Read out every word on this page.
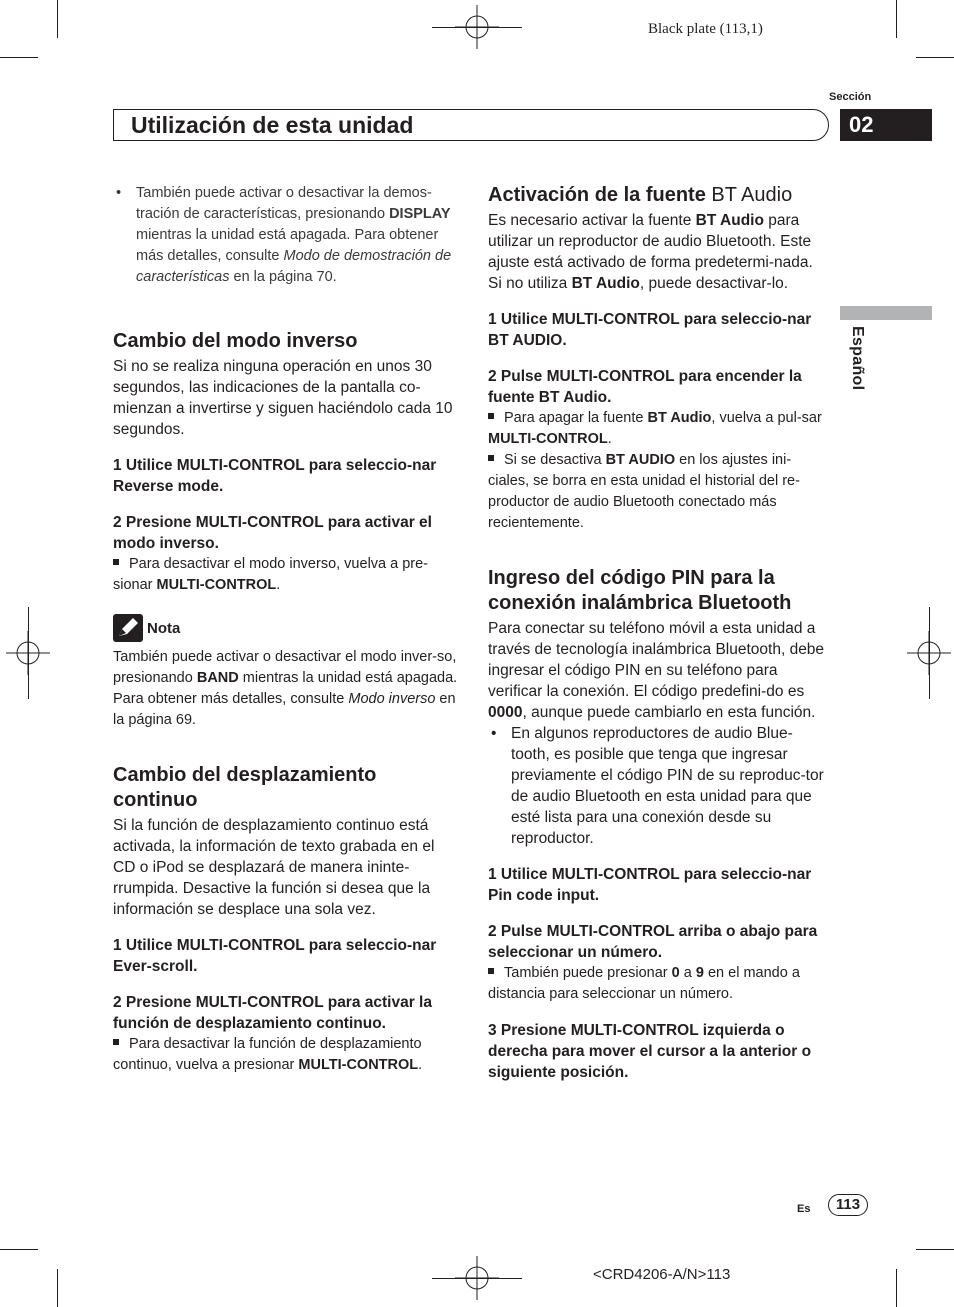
Black plate (113,1)
Sección
Utilización de esta unidad	02
Español
• También puede activar o desactivar la demos-tración de características, presionando DISPLAY mientras la unidad está apagada. Para obtener más detalles, consulte Modo de demostración de características en la página 70.
Cambio del modo inverso

Si no se realiza ninguna operación en unos 30 segundos, las indicaciones de la pantalla co-mienzan a invertirse y siguen haciéndolo cada 10 segundos.

1 Utilice MULTI-CONTROL para seleccio-nar Reverse mode.

2 Presione MULTI-CONTROL para activar el modo inverso.

Para desactivar el modo inverso, vuelva a pre-sionar MULTI-CONTROL.

Nota

También puede activar o desactivar el modo inver-so, presionando BAND mientras la unidad está apagada. Para obtener más detalles, consulte Modo inverso en la página 69.

Cambio del desplazamiento continuo

Si la función de desplazamiento continuo está activada, la información de texto grabada en el CD o iPod se desplazará de manera ininte-rrumpida. Desactive la función si desea que la información se desplace una sola vez.

1 Utilice MULTI-CONTROL para seleccio-nar Ever-scroll.

2 Presione MULTI-CONTROL para activar la función de desplazamiento continuo.

Para desactivar la función de desplazamiento continuo, vuelva a presionar MULTI-CONTROL.

Activación de la fuente BT Audio

Es necesario activar la fuente BT Audio para utilizar un reproductor de audio Bluetooth. Este ajuste está activado de forma predetermi-nada. Si no utiliza BT Audio, puede desactivar-lo.

1 Utilice MULTI-CONTROL para seleccio-nar BT AUDIO.

2 Pulse MULTI-CONTROL para encender la fuente BT Audio.

Para apagar la fuente BT Audio, vuelva a pul-sar MULTI-CONTROL.

Si se desactiva BT AUDIO en los ajustes ini-ciales, se borra en esta unidad el historial del re-productor de audio Bluetooth conectado más recientemente.

Ingreso del código PIN para la conexión inalámbrica Bluetooth

Para conectar su teléfono móvil a esta unidad a través de tecnología inalámbrica Bluetooth, debe ingresar el código PIN en su teléfono para verificar la conexión. El código predefini-do es 0000, aunque puede cambiarlo en esta función.

• En algunos reproductores de audio Blue-tooth, es posible que tenga que ingresar previamente el código PIN de su reproduc-tor de audio Bluetooth en esta unidad para que esté lista para una conexión desde su reproductor.

1 Utilice MULTI-CONTROL para seleccio-nar Pin code input.

2 Pulse MULTI-CONTROL arriba o abajo para seleccionar un número.

También puede presionar 0 a 9 en el mando a distancia para seleccionar un número.

3 Presione MULTI-CONTROL izquierda o derecha para mover el cursor a la anterior o siguiente posición.

Es	113
<CRD4206-A/N>113
